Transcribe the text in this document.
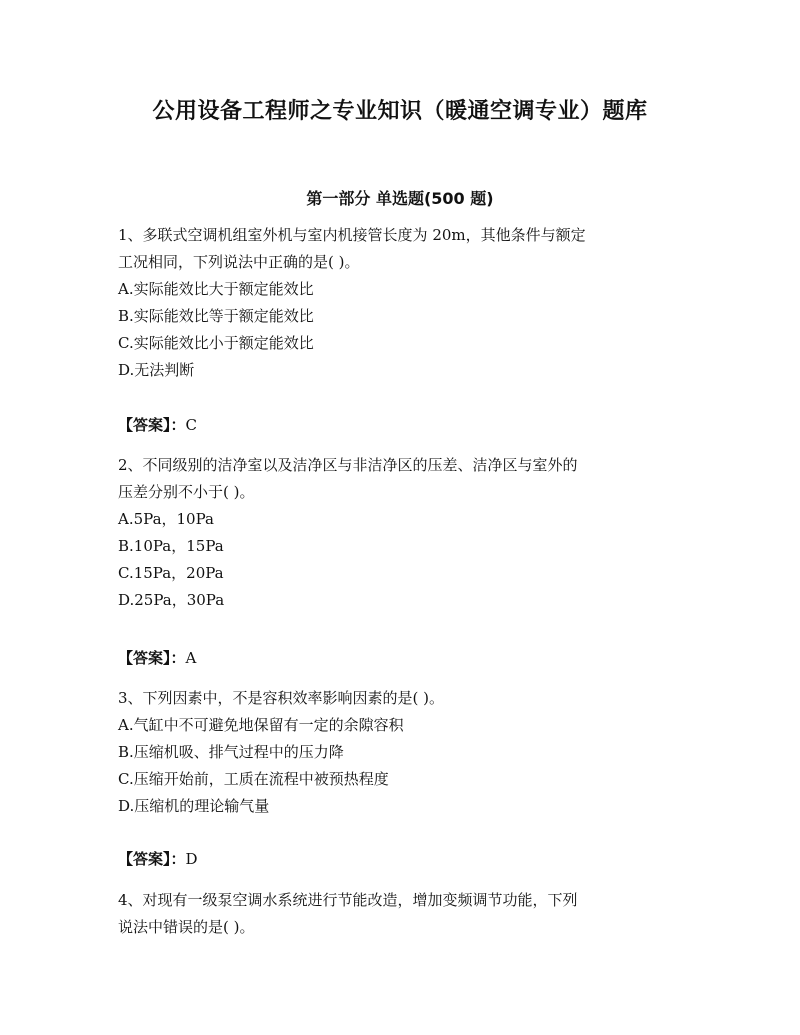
公用设备工程师之专业知识（暖通空调专业）题库
第一部分 单选题(500 题)

1、多联式空调机组室外机与室内机接管长度为 20m，其他条件与额定

工况相同，下列说法中正确的是( )。

A.实际能效比大于额定能效比

B.实际能效比等于额定能效比

C.实际能效比小于额定能效比

D.无法判断

【答案】：C

2、不同级别的洁净室以及洁净区与非洁净区的压差、洁净区与室外的

压差分别不小于( )。

A.5Pa，10Pa

B.10Pa，15Pa

C.15Pa，20Pa

D.25Pa，30Pa

【答案】：A

3、下列因素中，不是容积效率影响因素的是( )。

A.气缸中不可避免地保留有一定的余隙容积

B.压缩机吸、排气过程中的压力降

C.压缩开始前，工质在流程中被预热程度

D.压缩机的理论输气量

【答案】：D

4、对现有一级泵空调水系统进行节能改造，增加变频调节功能，下列

说法中错误的是( )。
